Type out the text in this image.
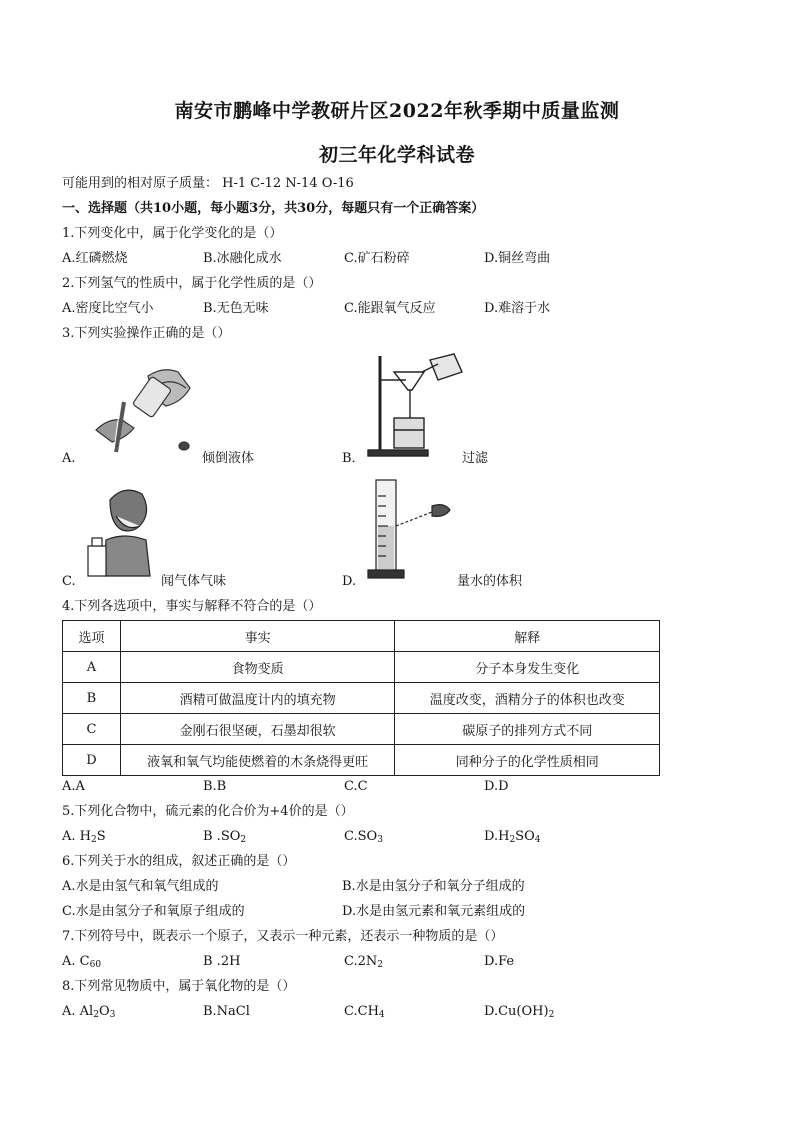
南安市鹏峰中学教研片区2022年秋季期中质量监测
初三年化学科试卷
可能用到的相对原子质量： H-1 C-12 N-14 O-16
一、选择题（共10小题，每小题3分，共30分，每题只有一个正确答案）
1.下列变化中，属于化学变化的是（）
A.红磷燃烧	B.冰融化成水	C.矿石粉碎	D.铜丝弯曲
2.下列氢气的性质中，属于化学性质的是（）
A.密度比空气小	B.无色无味	C.能跟氧气反应	D.难溶于水
3.下列实验操作正确的是（）
A.	倾倒液体	B．	过滤
C.	闻气体气味	D.	量水的体积
4.下列各选项中，事实与解释不符合的是（）
选项	事实	解释
A	食物变质	分子本身发生变化
B	酒精可做温度计内的填充物	温度改变，酒精分子的体积也改变
C	金刚石很坚硬，石墨却很软	碳原子的排列方式不同
D	液氧和氧气均能使燃着的木条烧得更旺	同种分子的化学性质相同
A.A	B.B	C.C	D.D
5.下列化合物中，硫元素的化合价为+4价的是（）
A. $H_2S$	B $.SO_2$	$C.SO_3$	$D.H_2SO_4$
6.下列关于水的组成，叙述正确的是（）
A.水是由氢气和氧气组成的	B.水是由氢分子和氧分子组成的
C.水是由氢分子和氧原子组成的	D.水是由氢元素和氧元素组成的
7.下列符号中，既表示一个原子，又表示一种元素，还表示一种物质的是（）
A. $C_{60}$	B .2H	$C.2N_2$	D.Fe
8.下列常见物质中，属于氧化物的是（）
A. $Al_2O_3$	B.NaCl	$C.CH_4$	$D.Cu(OH)_2$
